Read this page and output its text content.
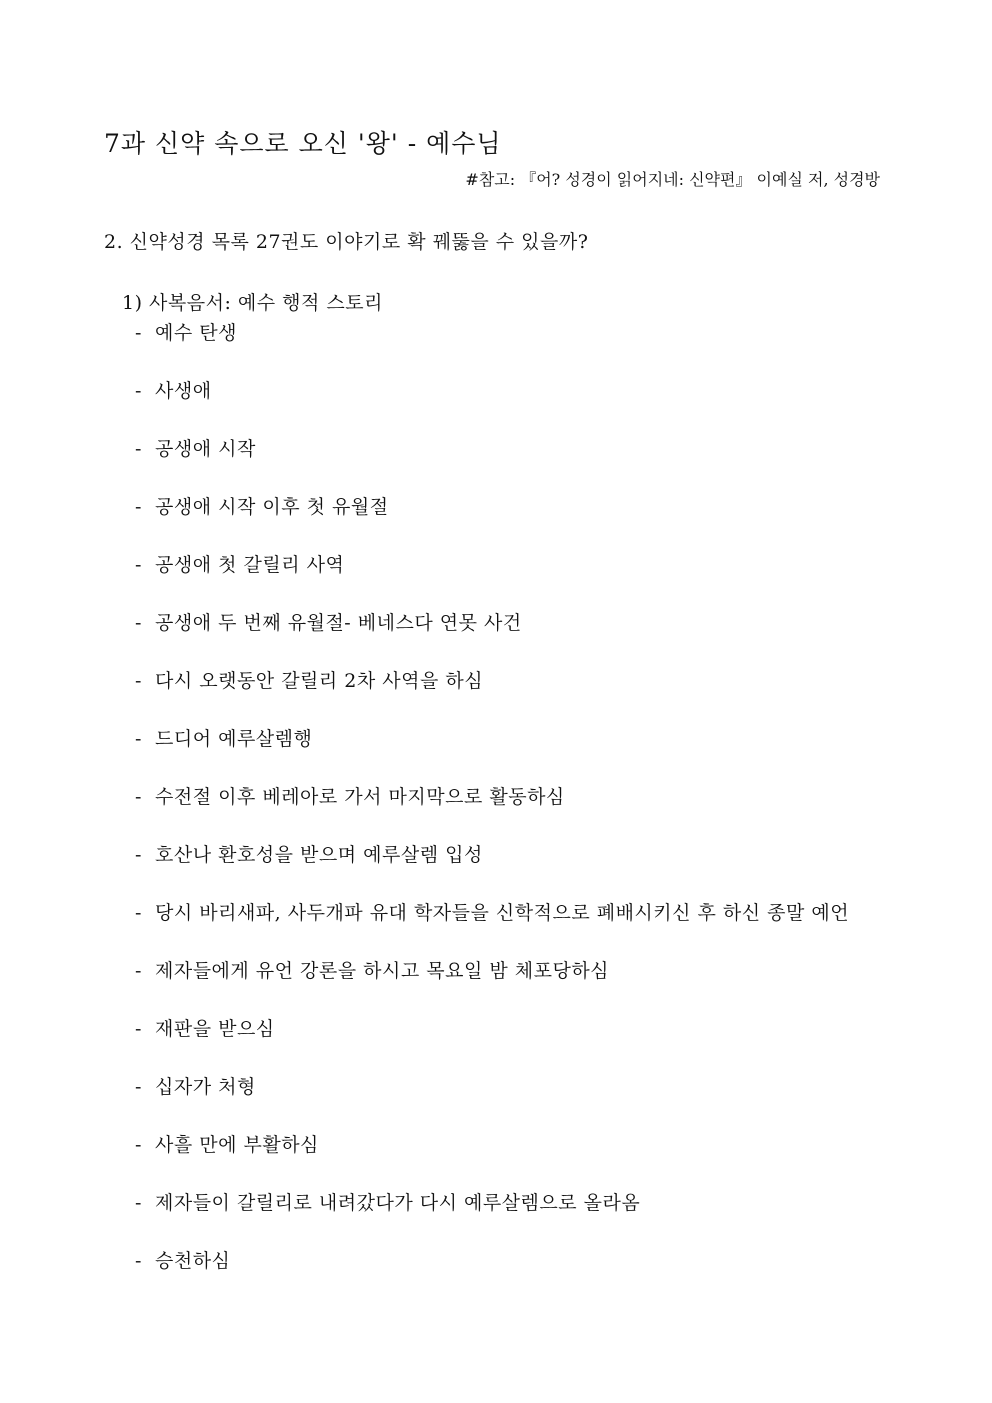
7과 신약 속으로 오신 '왕' - 예수님
#참고: 『어? 성경이 읽어지네: 신약편』 이예실 저, 성경방
2. 신약성경 목록 27권도 이야기로 확 꿰뚫을 수 있을까?
1) 사복음서: 예수 행적 스토리
- 예수 탄생
- 사생애
- 공생애 시작
- 공생애 시작 이후 첫 유월절
- 공생애 첫 갈릴리 사역
- 공생애 두 번째 유월절- 베네스다 연못 사건
- 다시 오랫동안 갈릴리 2차 사역을 하심
- 드디어 예루살렘행
- 수전절 이후 베레아로 가서 마지막으로 활동하심
- 호산나 환호성을 받으며 예루살렘 입성
- 당시 바리새파, 사두개파 유대 학자들을 신학적으로 폐배시키신 후 하신 종말 예언
- 제자들에게 유언 강론을 하시고 목요일 밤 체포당하심
- 재판을 받으심
- 십자가 처형
- 사흘 만에 부활하심
- 제자들이 갈릴리로 내려갔다가 다시 예루살렘으로 올라옴
- 승천하심
